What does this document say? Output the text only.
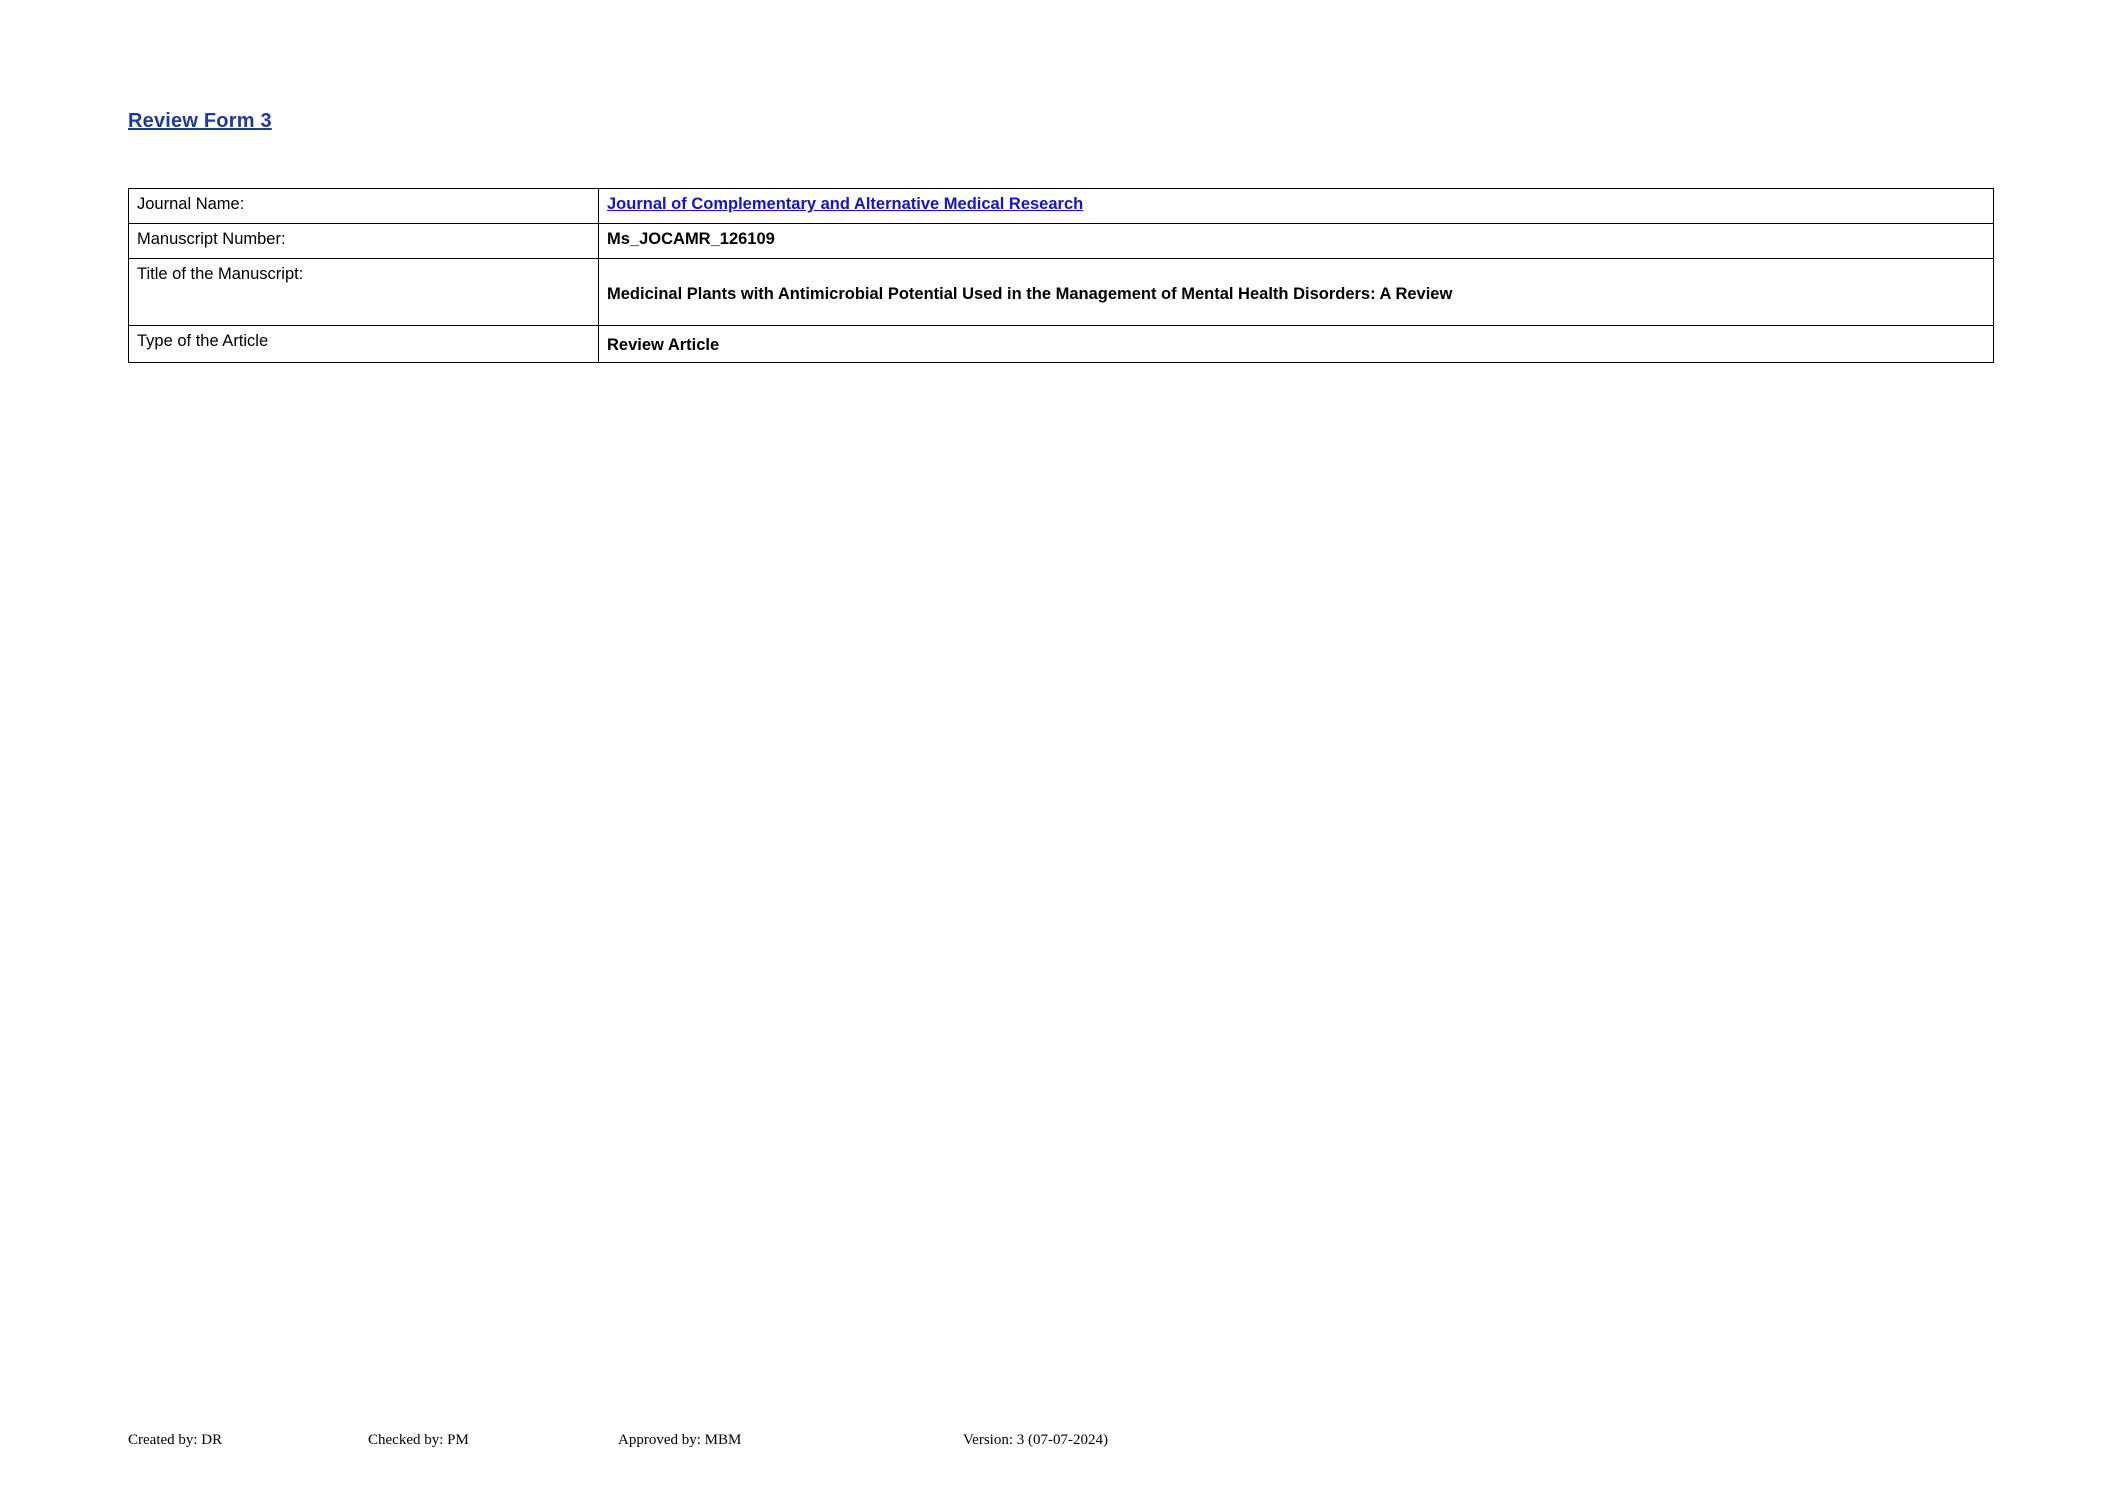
Review Form 3
Journal Name:	Journal of Complementary and Alternative Medical Research
Manuscript Number:	Ms_JOCAMR_126109
Title of the Manuscript:	Medicinal Plants with Antimicrobial Potential Used in the Management of Mental Health Disorders: A Review

Type of the Article	Review Article
Created by: DR	Checked by: PM	Approved by: MBM	Version: 3 (07-07-2024)
